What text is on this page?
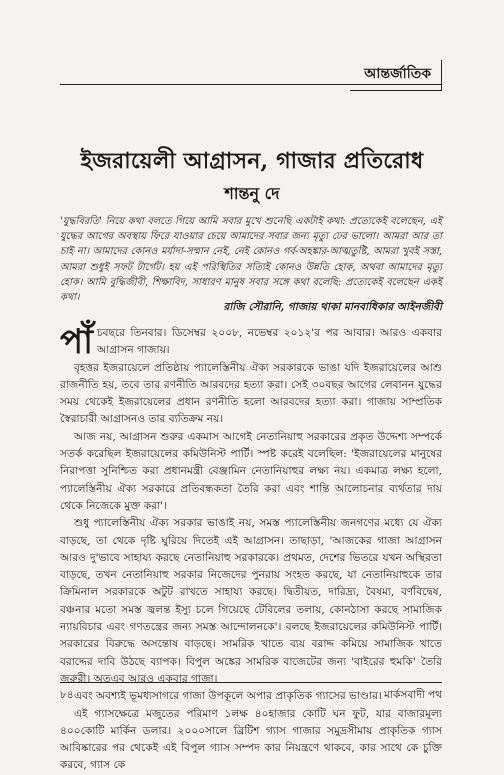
আন্তর্জাতিক
ইজরায়েলী আগ্রাসন, গাজার প্রতিরোধ
শান্তনু দে
'যুদ্ধবিরতি' নিয়ে কথা বলতে গিয়ে আমি সবার মুখে শুনেছি একটাই কথা: প্রত্যেকেই বলেছেন, এই যুদ্ধের আগের অবস্থায় ফিরে যাওয়ার চেয়ে আমাদের সবার জন্য মৃত্যু ঢের ভালো। আমরা আর তা চাই না। আমাদের কোনও মর্যাদা-সম্মান নেই, নেই কোনও গর্ব-অহঙ্কার-আত্মতুষ্টি, আমরা খুবই সস্তা, আমরা শুধুই সফট টার্গেট। হয় এই পরিস্থিতির সত্যিই কোনও উন্নতি হোক, অথবা আমাদের মৃত্যু হোক। আমি বুদ্ধিজীবী, শিক্ষাবিদ, সাধারণ মানুষ সবার সঙ্গে কথা বলেছি: প্রত্যেকেই বলেছেন একই কথা।
রাজি সৌরানি, গাজায় থাকা মানবাধিকার আইনজীবী

পাঁচবছরে তিনবার। ডিসেম্বর ২০০৮, নভেম্বর ২০১২'র পর আবার। আরও একবার আগ্রাসন গাজায়।

বৃহত্তর ইজরায়েলে প্রতিষ্ঠায় প্যালেস্তিনীয় ঐক্য সরকারকে ভাঙা যদি ইজরায়েলের আশু রাজনীতি হয়, তবে তার রণনীতি আরবদের হত্যা করা। সেই ৩০বছর আগের লেবানন যুদ্ধের সময় থেকেই ইজরায়েলের প্রধান রণনীতি হলো আরবদের হত্যা করা। গাজায় সাম্প্রতিক স্বৈরাচারী আগ্রাসনও তার ব্যতিক্রম নয়।

আজ নয়, আগ্রাসন শুরুর একমাস আগেই নেতানিয়াহু সরকারের প্রকৃত উদ্দেশ্য সম্পর্কে সতর্ক করেছিল ইজরায়েলের কমিউনিস্ট পার্টি। স্পষ্ট করেই বলেছিল: 'ইজরায়েলের মানুষের নিরাপত্তা সুনিশ্চিত করা প্রধানমন্ত্রী বেঞ্জামিন নেতানিয়াহুর লক্ষ্য নয়। একমাত্র লক্ষ্য হলো, প্যালেস্তিনীয় ঐক্য সরকারে প্রতিবন্ধকতা তৈরি করা এবং শান্তি আলোচনার ব্যর্থতার দায় থেকে নিজেকে মুক্ত করা'।

শুধু প্যালেস্তিনীয় ঐক্য সরকার ভাঙাই নয়, সমস্ত প্যালেস্তিনীয় জনগণের মধ্যে যে ঐক্য বাড়ছে, তা থেকে দৃষ্টি ঘুরিয়ে দিতেই এই আগ্রাসন। তাছাড়া, 'আজকের গাজা আগ্রাসন আরও দু'ভাবে সাহায্য করছে নেতানিয়াহু সরকারকে। প্রথমত, দেশের ভিতরে যখন অস্থিরতা বাড়ছে, তখন নেতানিয়াহু সরকার নিজেদের পুনরায় সংহত করছে, যা নেতানিয়াহুকে তার ক্রিমিনাল সরকারকে অটুট রাখতে সাহায্য করছে। দ্বিতীয়ত, দারিদ্র্য, বৈষম্য, বর্ণবিদ্বেষ, বঞ্চনার মতো সমস্ত জ্বলন্ত ইস্যু চলে গিয়েছে টেবিলের তলায়, কোনঠাসা করছে সামাজিক ন্যায়বিচার এবং গণতন্ত্রের জন্য সমস্ত আন্দোলনকে'। বলছে ইজরায়েলের কমিউনিস্ট পার্টি। সরকারের বিরুদ্ধে অসন্তোষ বাড়ছে। সামরিক খাতে ব্যয় বরাদ্দ কমিয়ে সামাজিক খাতে বরাদ্দের দাবি উঠছে ব্যাপক। বিপুল অঙ্কের সামরিক বাজেটের জন্য 'বাইরের হুমকি' তৈরি জরুরী। অতএব আরও একবার গাজা।

এবং অবশ্যই ভূমধ্যসাগরে গাজা উপকূলে অপার প্রাকৃতিক গ্যাসের ভাণ্ডার।

এই গ্যাসক্ষেত্রে মজুতের পরিমাণ ১লক্ষ ৪০হাজার কোটি ঘন ফুট, যার বাজারমূল্য ৪০০কোটি মার্কিন ডলার। ২০০০সালে ব্রিটিশ গ্যাস গাজার সমুদ্রসীমায় প্রাকৃতিক গ্যাস আবিষ্কারের পর থেকেই এই বিপুল গ্যাস সম্পদ কার নিয়ন্ত্রণে থাকবে, কার সাথে কে চুক্তি করবে, গ্যাস কে

৮৪	মার্কসবাদী পথ
